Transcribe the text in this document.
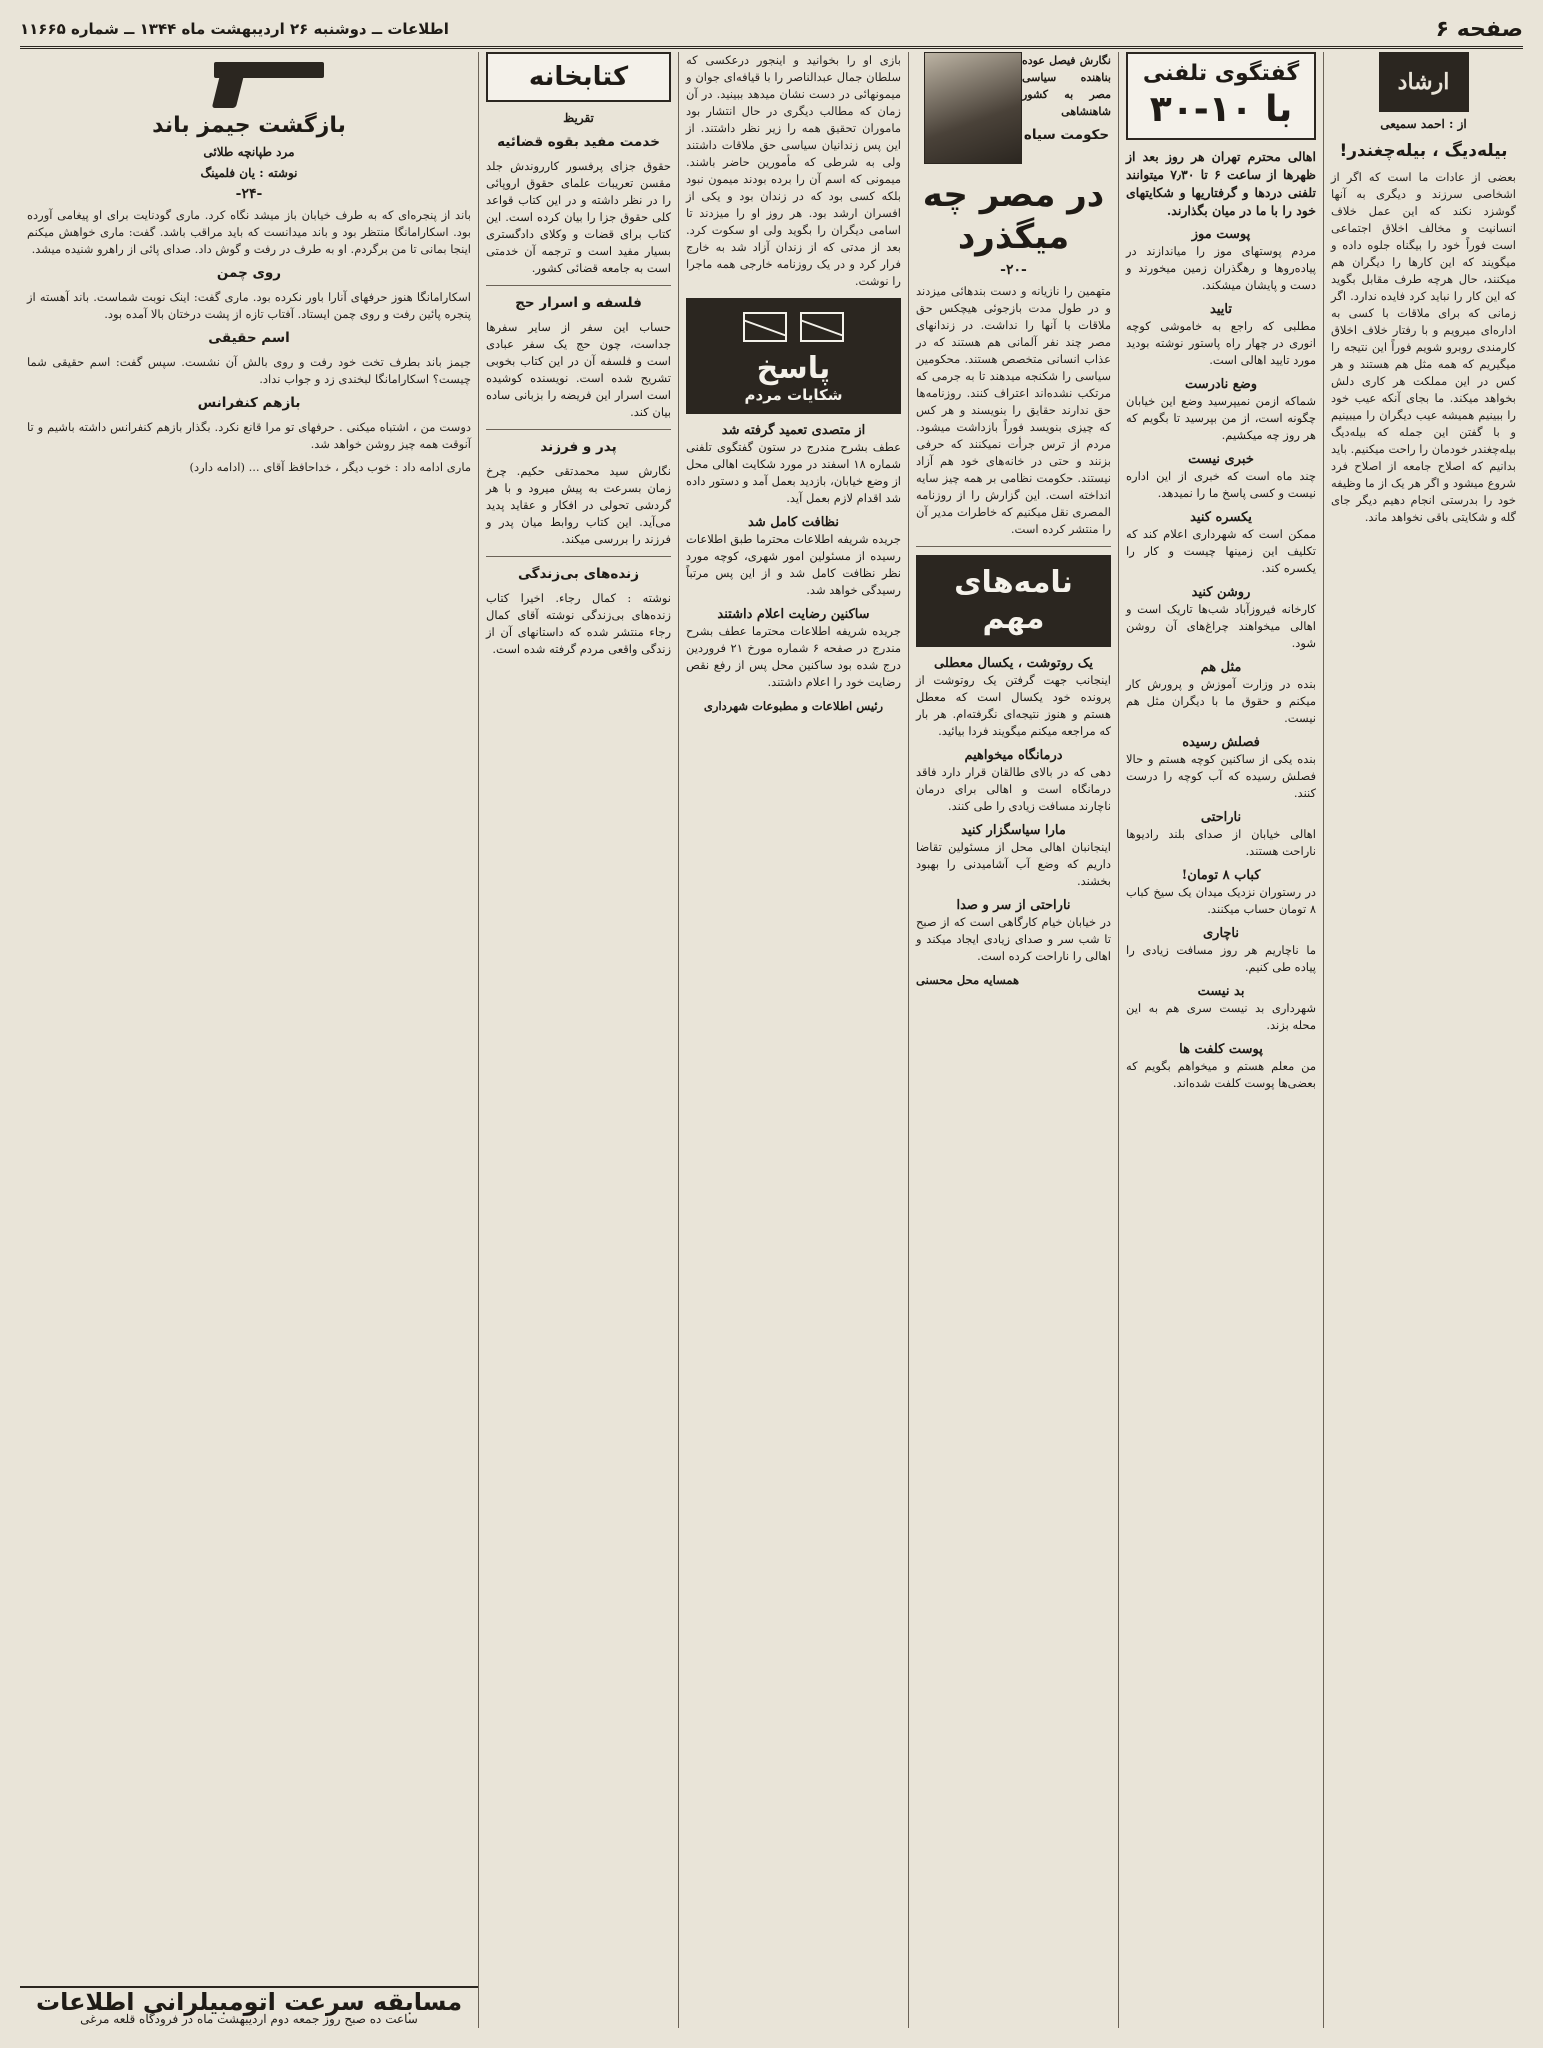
صفحه ۶
اطلاعات ــ دوشنبه ۲۶ اردیبهشت ماه ۱۳۴۴ ــ شماره ۱۱۶۶۵
ارشاد
از : احمد سمیعی
بیله‌دیگ ، بیله‌چغندر!

بعضی از عادات ما است که اگر از اشخاصی سرزند و دیگری به آنها گوشزد نکند که این عمل خلاف انسانیت و مخالف اخلاق اجتماعی است فوراً خود را بیگناه جلوه داده و میگویند که این کارها را دیگران هم میکنند، حال هرچه طرف مقابل بگوید که این کار را نباید کرد فایده ندارد. اگر زمانی که برای ملاقات با کسی به اداره‌ای میرویم و با رفتار خلاف اخلاق کارمندی روبرو شویم فوراً این نتیجه را میگیریم که همه مثل هم هستند و هر کس در این مملکت هر کاری دلش بخواهد میکند. ما بجای آنکه عیب خود را ببینیم همیشه عیب دیگران را میبینیم و با گفتن این جمله که بیله‌دیگ بیله‌چغندر خودمان را راحت میکنیم. باید بدانیم که اصلاح جامعه از اصلاح فرد شروع میشود و اگر هر یک از ما وظیفه خود را بدرستی انجام دهیم دیگر جای گله و شکایتی باقی نخواهد ماند.

گفتگوی تلفنی
با ۱۰-۳۰

اهالی محترم تهران هر روز بعد از ظهرها از ساعت ۶ تا ۷٫۳۰ میتوانند تلفنی دردها و گرفتاریها و شکایتهای خود را با ما در میان بگذارند.

پوست موز
مردم پوستهای موز را میاندازند در پیاده‌روها و رهگذران زمین میخورند و دست و پایشان میشکند.
تایید
مطلبی که راجع به خاموشی کوچه انوری در چهار راه پاستور نوشته بودید مورد تایید اهالی است.
وضع نادرست
شماکه ازمن نمیپرسید وضع این خیابان چگونه است، از من بپرسید تا بگویم که هر روز چه میکشیم.
خبری نیست
چند ماه است که خبری از این اداره نیست و کسی پاسخ ما را نمیدهد.
یکسره کنید
ممکن است که شهرداری اعلام کند که تکلیف این زمینها چیست و کار را یکسره کند.
روشن کنید
کارخانه فیروزآباد شب‌ها تاریک است و اهالی میخواهند چراغ‌های آن روشن شود.
مثل هم
بنده در وزارت آموزش و پرورش کار میکنم و حقوق ما با دیگران مثل هم نیست.
فصلش رسیده
بنده یکی از ساکنین کوچه هستم و حالا فصلش رسیده که آب کوچه را درست کنند.
ناراحتی
اهالی خیابان از صدای بلند رادیوها ناراحت هستند.
کباب ۸ تومان!
در رستوران نزدیک میدان یک سیخ کباب ۸ تومان حساب میکنند.
ناچاری
ما ناچاریم هر روز مسافت زیادی را پیاده طی کنیم.
بد نیست
شهرداری بد نیست سری هم به این محله بزند.
پوست کلفت ها
من معلم هستم و میخواهم بگویم که بعضی‌ها پوست کلفت شده‌اند.
نگارش فیصل عوده بناهنده سیاسی مصر به کشور شاهنشاهی
حکومت سیاه
در مصر چه میگذرد
-۲۰-

متهمین را نازیانه و دست بندهائی میزدند و در طول مدت بازجوئی هیچکس حق ملاقات با آنها را نداشت. در زندانهای مصر چند نفر آلمانی هم هستند که در عذاب انسانی متخصص هستند. محکومین سیاسی را شکنجه میدهند تا به جرمی که مرتکب نشده‌اند اعتراف کنند. روزنامه‌ها حق ندارند حقایق را بنویسند و هر کس که چیزی بنویسد فوراً بازداشت میشود. مردم از ترس جرأت نمیکنند که حرفی بزنند و حتی در خانه‌های خود هم آزاد نیستند. حکومت نظامی بر همه چیز سایه انداخته است. این گزارش را از روزنامه المصری نقل میکنیم که خاطرات مدیر آن را منتشر کرده است.

نامه‌های مهم
یک روتوشت ، یکسال معطلی
اینجانب جهت گرفتن یک روتوشت از پرونده خود یکسال است که معطل هستم و هنوز نتیجه‌ای نگرفته‌ام. هر بار که مراجعه میکنم میگویند فردا بیائید.
درمانگاه میخواهیم
دهی که در بالای طالقان قرار دارد فاقد درمانگاه است و اهالی برای درمان ناچارند مسافت زیادی را طی کنند.
مارا سیاسگزار کنید
اینجانبان اهالی محل از مسئولین تقاضا داریم که وضع آب آشامیدنی را بهبود بخشند.
ناراحتی از سر و صدا
در خیابان خیام کارگاهی است که از صبح تا شب سر و صدای زیادی ایجاد میکند و اهالی را ناراحت کرده است.
همسایه محل محسنی

بازی او را بخوانید و اینجور درعکسی که سلطان جمال عبدالناصر را با قیافه‌ای جوان و میمونهائی در دست نشان میدهد ببینید. در آن زمان که مطالب دیگری در حال انتشار بود ماموران تحقیق همه را زیر نظر داشتند. از این پس زندانیان سیاسی حق ملاقات داشتند ولی به شرطی که مأمورین حاضر باشند. میمونی که اسم آن را برده بودند میمون نبود بلکه کسی بود که در زندان بود و یکی از افسران ارشد بود. هر روز او را میزدند تا اسامی دیگران را بگوید ولی او سکوت کرد. بعد از مدتی که از زندان آزاد شد به خارج فرار کرد و در یک روزنامه خارجی همه ماجرا را نوشت.

پاسخ
شکایات مردم
از متصدی تعمید گرفته شد
عطف بشرح مندرج در ستون گفتگوی تلفنی شماره ۱۸ اسفند در مورد شکایت اهالی محل از وضع خیابان، بازدید بعمل آمد و دستور داده شد اقدام لازم بعمل آید.
نظافت کامل شد
جریده شریفه اطلاعات محترما طبق اطلاعات رسیده از مسئولین امور شهری، کوچه مورد نظر نظافت کامل شد و از این پس مرتباً رسیدگی خواهد شد.
ساکنین رضایت اعلام داشتند
جریده شریفه اطلاعات محترما عطف بشرح مندرج در صفحه ۶ شماره مورخ ۲۱ فروردین درج شده بود ساکنین محل پس از رفع نقص رضایت خود را اعلام داشتند.
رئیس اطلاعات و مطبوعات شهرداری
کتابخانه
تقریظ
خدمت مفید بقوه قضائیه
حقوق جزای پرفسور کارروندش جلد مقسن تعریبات علمای حقوق اروپائی را در نظر داشته و در این کتاب قواعد کلی حقوق جزا را بیان کرده است. این کتاب برای قضات و وکلای دادگستری بسیار مفید است و ترجمه آن خدمتی است به جامعه قضائی کشور.
فلسفه و اسرار حج
حساب این سفر از سایر سفرها جداست، چون حج یک سفر عبادی است و فلسفه آن در این کتاب بخوبی تشریح شده است. نویسنده کوشیده است اسرار این فریضه را بزبانی ساده بیان کند.
پدر و فرزند
نگارش سید محمدتقی حکیم. چرخ زمان بسرعت به پیش میرود و با هر گردشی تحولی در افکار و عقاید پدید می‌آید. این کتاب روابط میان پدر و فرزند را بررسی میکند.
زنده‌های بی‌زندگی
نوشته : کمال رجاء. اخیرا کتاب زنده‌های بی‌زندگی نوشته آقای کمال رجاء منتشر شده که داستانهای آن از زندگی واقعی مردم گرفته شده است.
بازگشت جیمز باند
مرد طپانچه طلائی
نوشته : یان فلمینگ
-۲۴-

باند از پنجره‌ای که به طرف خیابان باز میشد نگاه کرد. ماری گودنایت برای او پیغامی آورده بود. اسکارامانگا منتظر بود و باند میدانست که باید مراقب باشد. گفت: ماری خواهش میکنم اینجا بمانی تا من برگردم. او به طرف در رفت و گوش داد. صدای پائی از راهرو شنیده میشد.

روی چمن

اسکارامانگا هنوز حرفهای آنارا باور نکرده بود. ماری گفت: اینک نوبت شماست. باند آهسته از پنجره پائین رفت و روی چمن ایستاد. آفتاب تازه از پشت درختان بالا آمده بود.

اسم حقیقی

جیمز باند بطرف تخت خود رفت و روی بالش آن نشست. سپس گفت: اسم حقیقی شما چیست؟ اسکارامانگا لبخندی زد و جواب نداد.

بازهم کنفرانس

دوست من ، اشتباه میکنی . حرفهای تو مرا قانع نکرد. بگذار بازهم کنفرانس داشته باشیم و تا آنوقت همه چیز روشن خواهد شد.

ماری ادامه داد : خوب دیگر ، خداحافظ آقای ... (ادامه دارد)

مسابقه سرعت اتومبیلرانی اطلاعات
ساعت ده صبح روز جمعه دوم اردیبهشت ماه در فرودگاه قلعه مرغی
